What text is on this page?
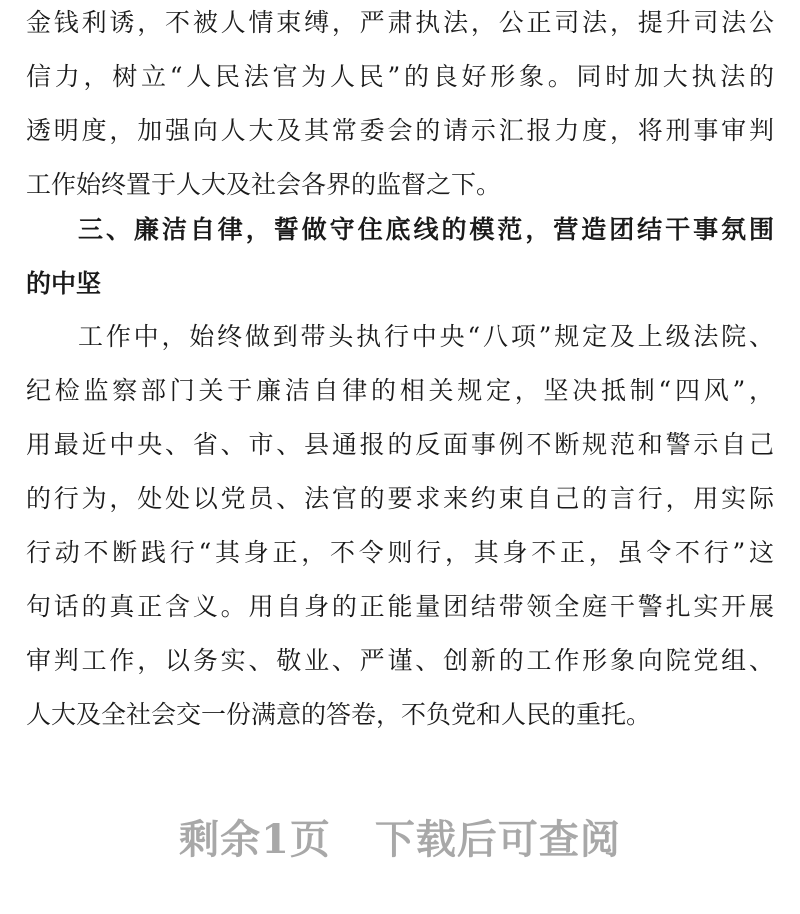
金钱利诱，不被人情束缚，严肃执法，公正司法，提升司法公
信力，树立“人民法官为人民”的良好形象。同时加大执法的
透明度，加强向人大及其常委会的请示汇报力度，将刑事审判
工作始终置于人大及社会各界的监督之下。
三、廉洁自律，誓做守住底线的模范，营造团结干事氛围
的中坚
工作中，始终做到带头执行中央“八项”规定及上级法院、
纪检监察部门关于廉洁自律的相关规定，坚决抵制“四风”，
用最近中央、省、市、县通报的反面事例不断规范和警示自己
的行为，处处以党员、法官的要求来约束自己的言行，用实际
行动不断践行“其身正，不令则行，其身不正，虽令不行”这
句话的真正含义。用自身的正能量团结带领全庭干警扎实开展
审判工作，以务实、敬业、严谨、创新的工作形象向院党组、
人大及全社会交一份满意的答卷，不负党和人民的重托。
剩余1页 下载后可查阅
